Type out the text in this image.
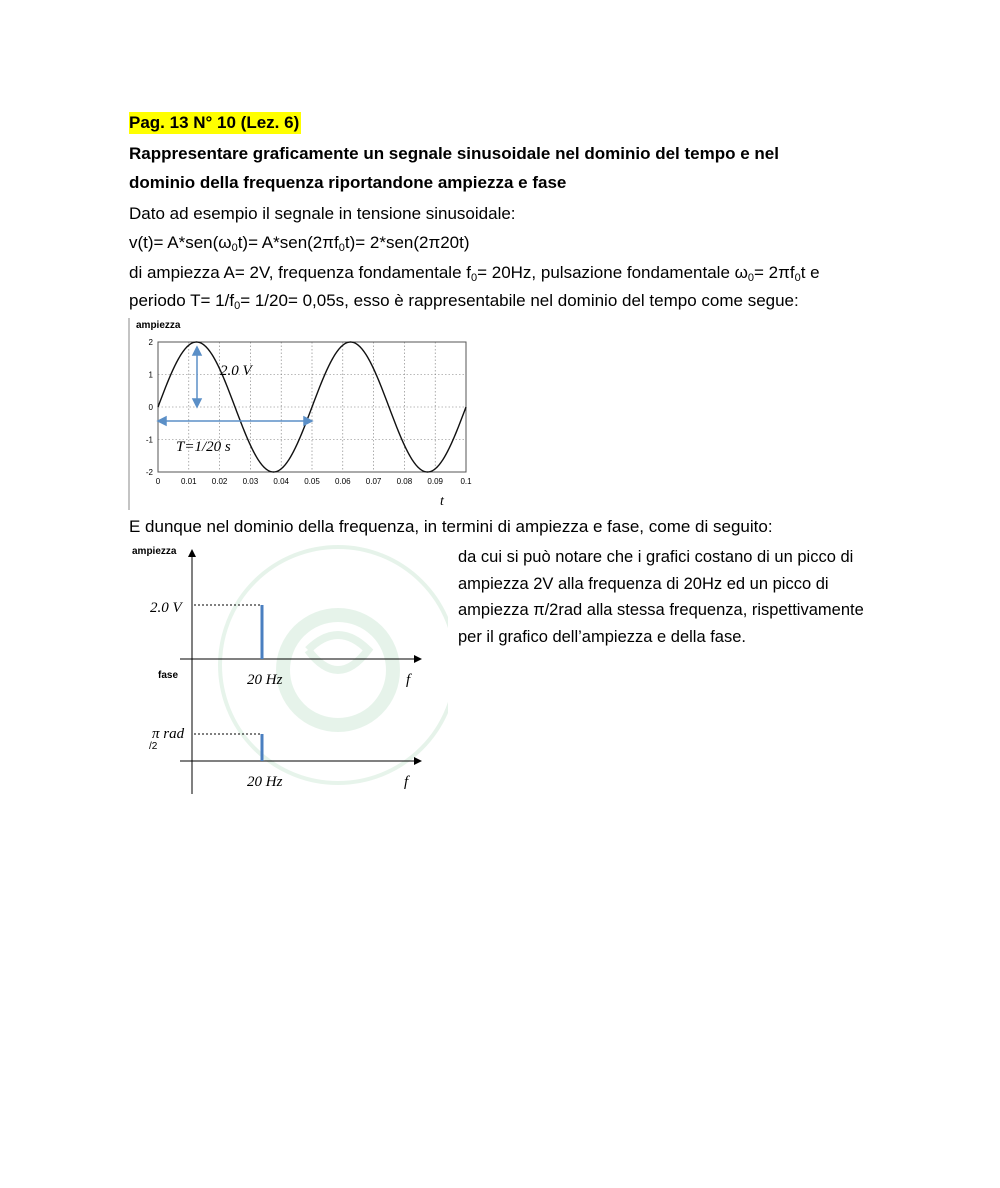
Pag. 13 N° 10 (Lez. 6)
Rappresentare graficamente un segnale sinusoidale nel dominio del tempo e nel
dominio della frequenza riportandone ampiezza e fase
Dato ad esempio il segnale in tensione sinusoidale:
$v(t)= A*sen(\omega_0t)= A*sen(2\pi f_0t)= 2*sen(2\pi 20t)$
di ampiezza A= 2V, frequenza fondamentale $f_0= 20Hz$, pulsazione fondamentale $\omega_0= 2\pi f_0t$ e
periodo $T= 1/f_0= 1/20= 0,05s$, esso è rappresentabile nel dominio del tempo come segue:
ampiezza
0	0.01 0.02 0.03 0.04 0.05 0.06 0.07 0.08 0.09 0.1
2
1
0
-1
-2
2.0 V
T=1/20 s
t
E dunque nel dominio della frequenza, in termini di ampiezza e fase, come di seguito:
ampiezza
2.0 V
20 Hz	f
fase
π rad
/2
20 Hz	f
da cui si può notare che i grafici costano di un picco di ampiezza 2V alla frequenza di 20Hz ed un picco di ampiezza π/2rad alla stessa frequenza, rispettivamente per il grafico dell’ampiezza e della fase.
